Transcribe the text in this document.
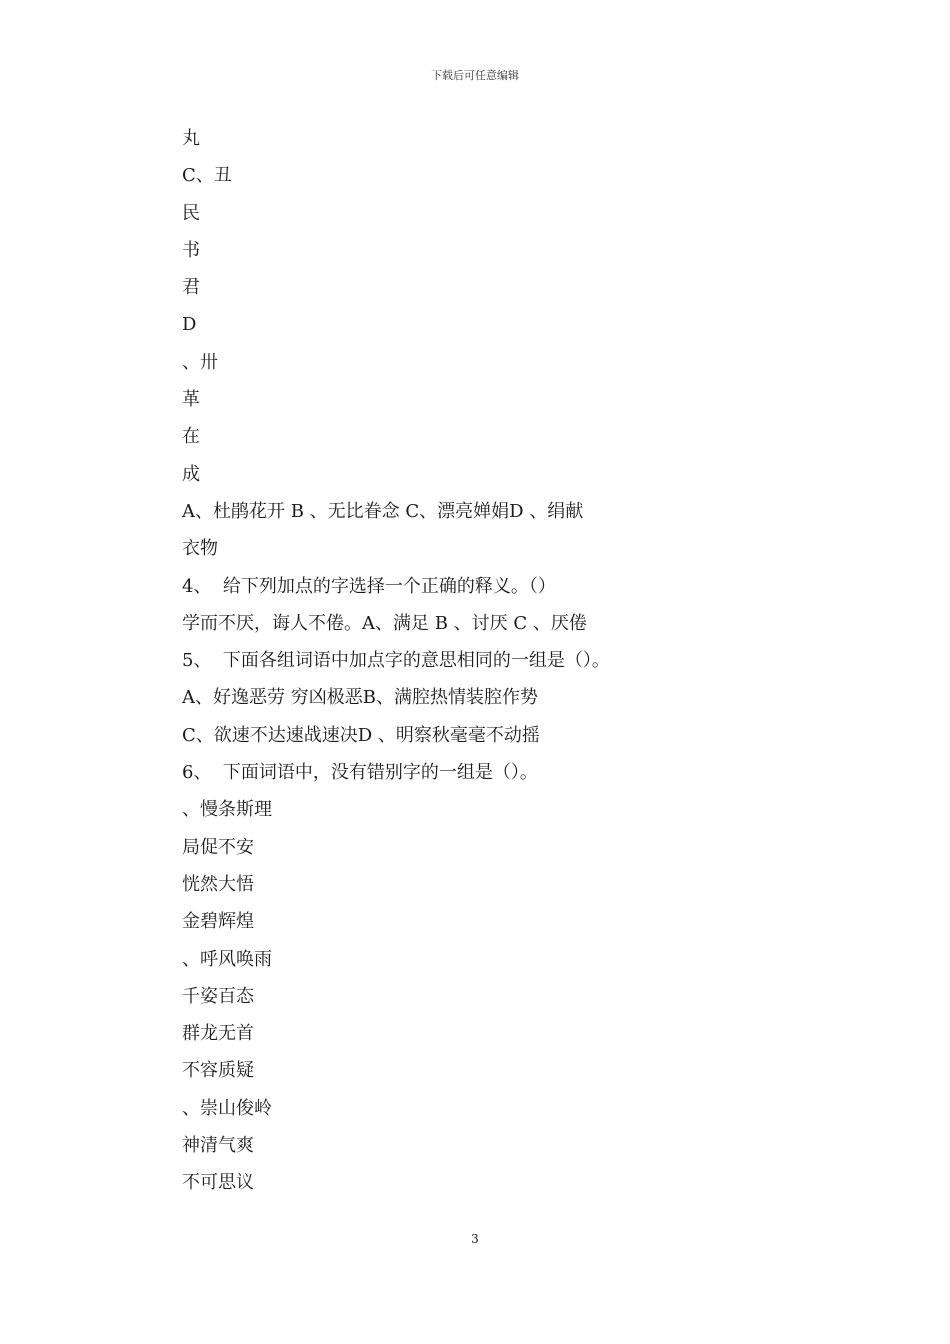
下载后可任意编辑
丸
C、丑
民
书
君
D
、卅
革
在
成
A、杜鹃花开 B 、无比眷念 C、漂亮婵娟D 、绢献
衣物
4、  给下列加点的字选择一个正确的释义。（）
学而不厌，诲人不倦。A、满足 B 、讨厌 C 、厌倦
5、  下面各组词语中加点字的意思相同的一组是（）。
A、好逸恶劳 穷凶极恶B、满腔热情装腔作势
C、欲速不达速战速决D 、明察秋毫毫不动摇
6、  下面词语中，没有错别字的一组是（）。
、慢条斯理
局促不安
恍然大悟
金碧辉煌
、呼风唤雨
千姿百态
群龙无首
不容质疑
、崇山俊岭
神清气爽
不可思议
3
